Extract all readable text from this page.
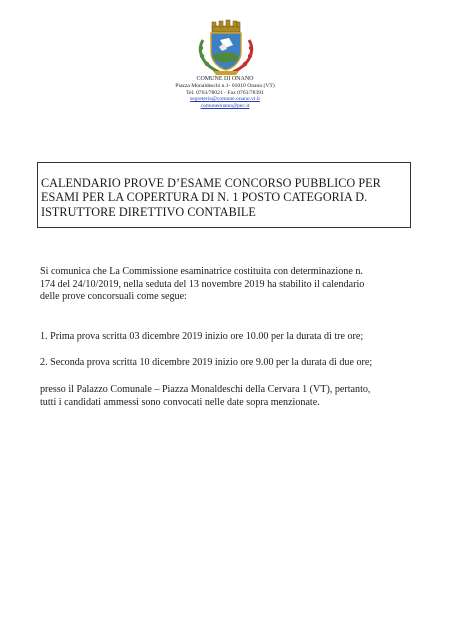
COMUNE DI ONANO
Piazza Monaldeschi n.1- 01010 Onano (VT)
Tel. 0763/78021 - Fax 0763/78391
segreteria@comune.onano.vt.it
comuneonano@pec.it
CALENDARIO PROVE D’ESAME CONCORSO PUBBLICO PER
ESAMI PER LA COPERTURA DI N. 1 POSTO CATEGORIA D.
ISTRUTTORE DIRETTIVO CONTABILE
Si comunica che La Commissione esaminatrice costituita con determinazione n.
174 del 24/10/2019, nella seduta del 13 novembre 2019 ha stabilito il calendario
delle prove concorsuali come segue:
1. Prima prova scritta 03 dicembre 2019 inizio ore 10.00 per la durata di tre ore;
2. Seconda prova scritta 10 dicembre 2019 inizio ore 9.00 per la durata di due ore;
presso il Palazzo Comunale – Piazza Monaldeschi della Cervara 1 (VT), pertanto,
tutti i candidati ammessi sono convocati nelle date sopra menzionate.
